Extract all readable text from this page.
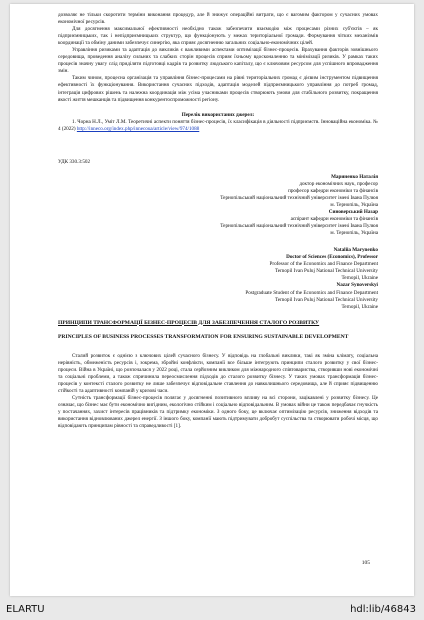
дозволяє не тільки скоротити терміни виконання процедур, але й знижує операційні витрати, що є вагомим фактором у сучасних умовах економічної ресурсів.

Для досягнення максимальної ефективності необхідно також забезпечити взаємодію між процесами різних суб'єктів – як підприємницьких, так і непідприємницьких структур, що функціонують у межах територіальної громади. Формування чітких механізмів координації та обміну даними забезпечує синергію, яка сприяє досягненню загальних соціально-економічних цілей.

Управління ризиками та адаптація до викликів є важливими аспектами оптимізації бізнес-процесів. Врахування факторів зовнішнього середовища, проведення аналізу сильних та слабких сторін процесів сприяє їхньому вдосконаленню та мінімізації ризиків. У рамках таких процесів значну увагу слід приділяти підготовці кадрів та розвитку людського капіталу, що є ключовим ресурсом для успішного впровадження змін.

Таким чином, процесна організація та управління бізнес-процесами на рівні територіальних громад є дієвим інструментом підвищення ефективності їх функціонування. Використання сучасних підходів, адаптація моделей підприємницького управління до потреб громад, інтеграція цифрових рішень та належна координація між усіма учасниками процесів створюють умови для стабільного розвитку, покращення якості життя мешканців та підвищення конкурентоспроможності регіону.

Перелік використаних джерел:

1. Чорна Н.Л., Уміт Л.М. Теоретичні аспекти поняття бізнес-процесів, їх класифікація в діяльності підприємств. Інноваційна економіка. № 4 (2022) http://inneco.org/index.php/innecoua/article/view/974/1088

УДК 330.3:502

Мариненко Наталія

доктор економічних наук, професор

професор кафедри економіки та фінансів

Тернопільський національний технічний університет імені Івана Пулюя

м. Тернопіль, Україна

Синоверський Назар

аспірант кафедри економіки та фінансів

Тернопільський національний технічний університет імені Івана Пулюя

м. Тернопіль, Україна

Nataliia Marynenko

Doctor of Sciences (Economics), Professor

Professor of the Economics and Finance Department

Ternopil Ivan Puluj National Technical University

Ternopil, Ukraine

Nazar Synoverskyi

Postgraduate Student of the Economics and Finance Department

Ternopil Ivan Puluj National Technical University

Ternopil, Ukraine

ПРИНЦИПИ ТРАНСФОРМАЦІЇ БІЗНЕС-ПРОЦЕСІВ ДЛЯ ЗАБЕЗПЕЧЕННЯ СТАЛОГО РОЗВИТКУ

PRINCIPLES OF BUSINESS PROCESSES TRANSFORMATION FOR ENSURING SUSTAINABLE DEVELOPMENT

Сталий розвиток є однією з ключових цілей сучасного бізнесу. У відповідь на глобальні виклики, такі як зміна клімату, соціальна нерівність, обмеженість ресурсів і, зокрема, збройні конфлікти, компанії все більше інтегрують принципи сталого розвитку у свої бізнес-процеси. Війна в Україні, що розпочалася у 2022 році, стала серйозним викликом для міжнародного співтовариства, створивши нові економічні та соціальні проблеми, а також спричинила переосмислення підходів до сталого розвитку бізнесу. У таких умовах трансформація бізнес-процесів у контексті сталого розвитку не лише забезпечує відповідальне ставлення до навколишнього середовища, але й сприяє підвищенню стійкості та адаптивності компаній у кризові часи.

Сутність трансформації бізнес-процесів полягає у досягненні позитивного впливу на всі сторони, зацікавлені у розвитку бізнесу. Це означає, що бізнес має бути економічно вигідним, екологічно стійким і соціально відповідальним. В умовах війни це також передбачає гнучкість у постачаннях, захист інтересів працівників та підтримку економіки. З одного боку, це включає оптимізацію ресурсів, зниження відходів та використання відновлюваних джерел енергії. З іншого боку, компанії мають підтримувати добробут суспільства та створювати робочі місця, що відповідають принципам рівності та справедливості [1].

105
ELARTU	hdl:lib/46843
